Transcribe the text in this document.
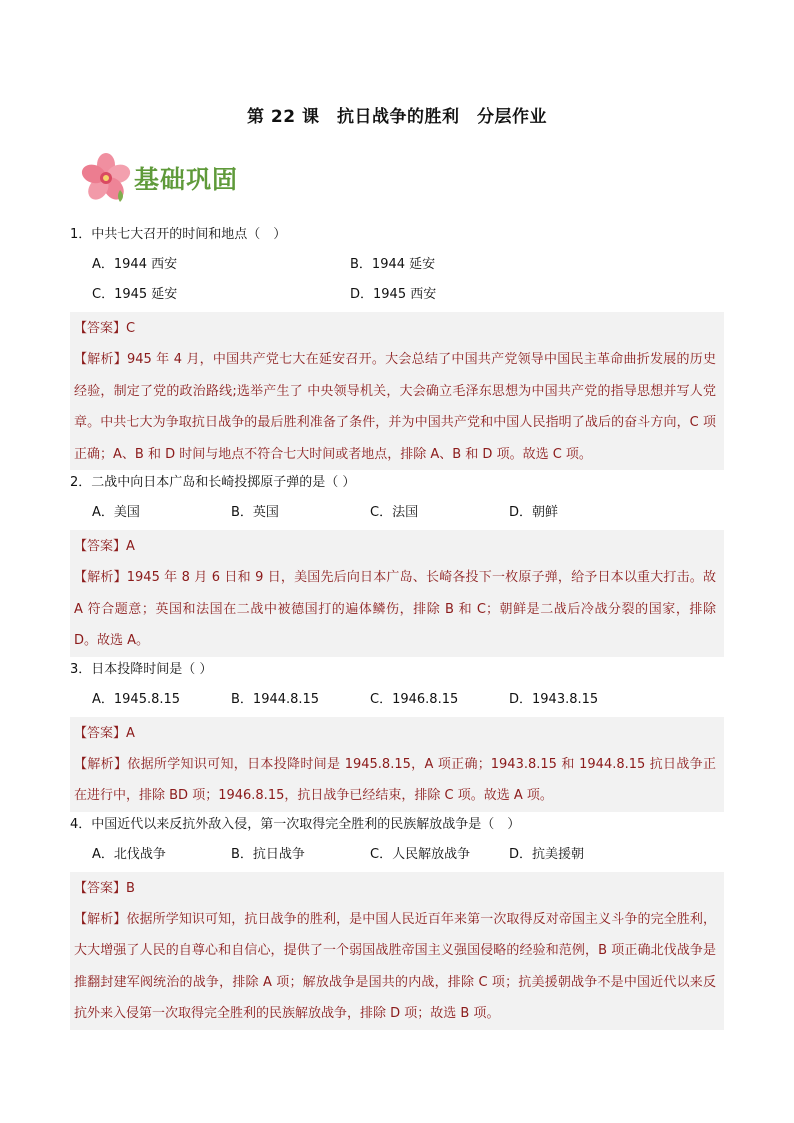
第 22 课　抗日战争的胜利　分层作业
基础巩固

1．中共七大召开的时间和地点（　）

A．1944 西安	B．1944 延安
C．1945 延安	D．1945 西安
【答案】C
【解析】945 年 4 月，中国共产党七大在延安召开。大会总结了中国共产党领导中国民主革命曲折发展的历史经验，制定了党的政治路线;选举产生了 中央领导机关，大会确立毛泽东思想为中国共产党的指导思想并写人党章。中共七大为争取抗日战争的最后胜利准备了条件，并为中国共产党和中国人民指明了战后的奋斗方向，C 项正确；A、B 和 D 时间与地点不符合七大时间或者地点，排除 A、B 和 D 项。故选 C 项。

2．二战中向日本广岛和长崎投掷原子弹的是（ ）

A．美国	B．英国	C．法国	D．朝鲜
【答案】A
【解析】1945 年 8 月 6 日和 9 日，美国先后向日本广岛、长崎各投下一枚原子弹，给予日本以重大打击。故 A 符合题意；英国和法国在二战中被德国打的遍体鳞伤，排除 B 和 C；朝鲜是二战后冷战分裂的国家，排除 D。故选 A。

3．日本投降时间是（ ）

A．1945.8.15	B．1944.8.15	C．1946.8.15	D．1943.8.15
【答案】A
【解析】依据所学知识可知，日本投降时间是 1945.8.15，A 项正确；1943.8.15 和 1944.8.15 抗日战争正在进行中，排除 BD 项；1946.8.15，抗日战争已经结束，排除 C 项。故选 A 项。

4．中国近代以来反抗外敌入侵，第一次取得完全胜利的民族解放战争是（　）

A．北伐战争	B．抗日战争	C．人民解放战争	D．抗美援朝
【答案】B
【解析】依据所学知识可知，抗日战争的胜利，是中国人民近百年来第一次取得反对帝国主义斗争的完全胜利，大大增强了人民的自尊心和自信心，提供了一个弱国战胜帝国主义强国侵略的经验和范例，B 项正确北伐战争是推翻封建军阀统治的战争，排除 A 项；解放战争是国共的内战，排除 C 项；抗美援朝战争不是中国近代以来反抗外来入侵第一次取得完全胜利的民族解放战争，排除 D 项；故选 B 项。
